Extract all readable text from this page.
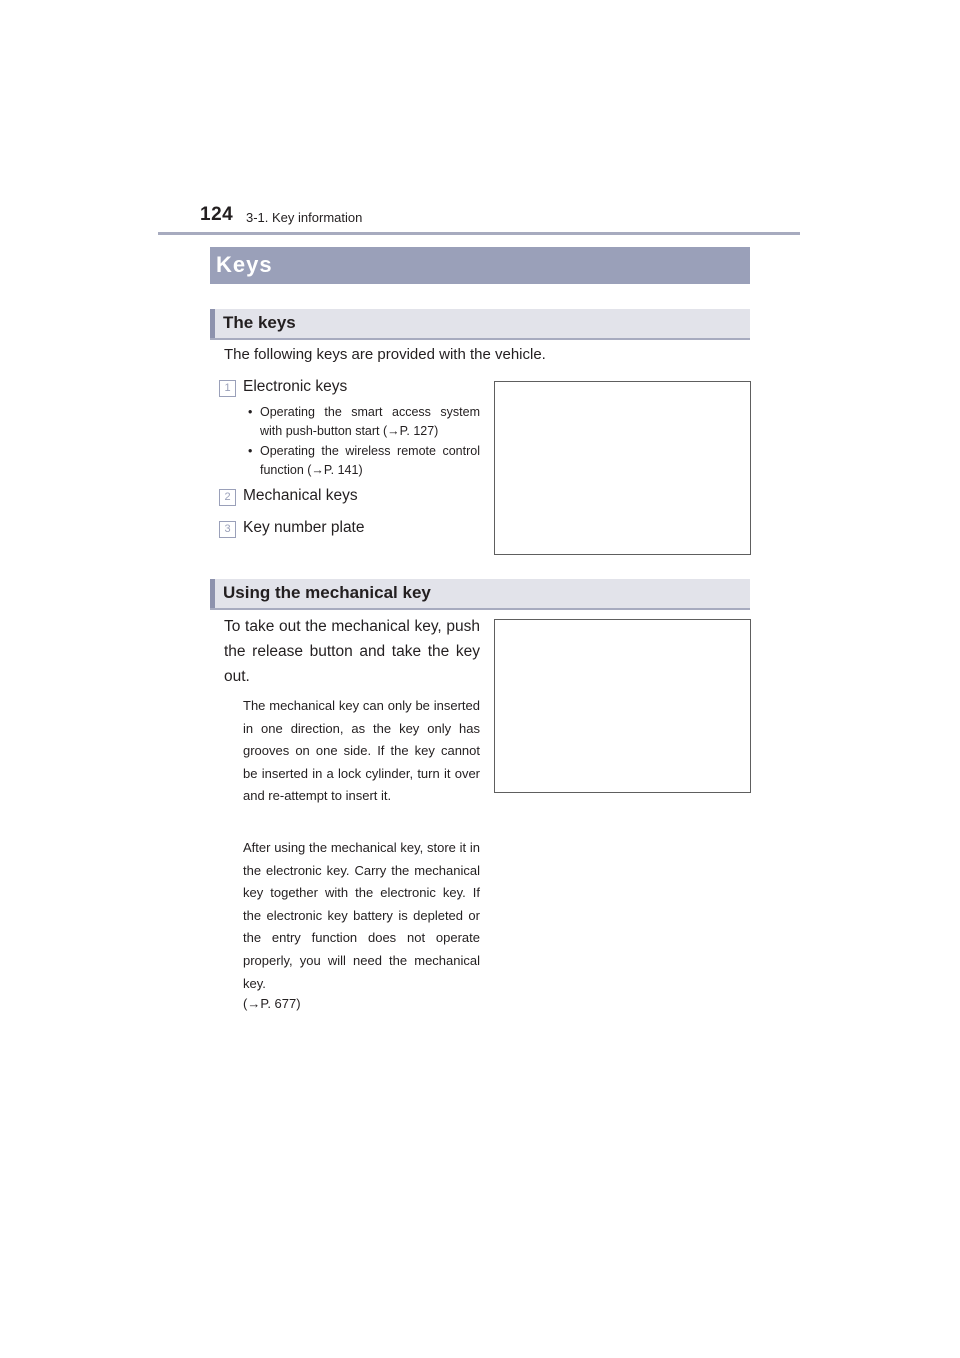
124 3-1. Key information
Keys
The keys
The following keys are provided with the vehicle.
1 Electronic keys
• Operating the smart access system with push-button start (→P. 127)
• Operating the wireless remote control function (→P. 141)
2 Mechanical keys
3 Key number plate
Using the mechanical key
To take out the mechanical key, push the release button and take the key out.
The mechanical key can only be inserted in one direction, as the key only has grooves on one side. If the key cannot be inserted in a lock cylinder, turn it over and re-attempt to insert it.
After using the mechanical key, store it in the electronic key. Carry the mechanical key together with the electronic key. If the electronic key battery is depleted or the entry function does not operate properly, you will need the mechanical key.
(→P. 677)
